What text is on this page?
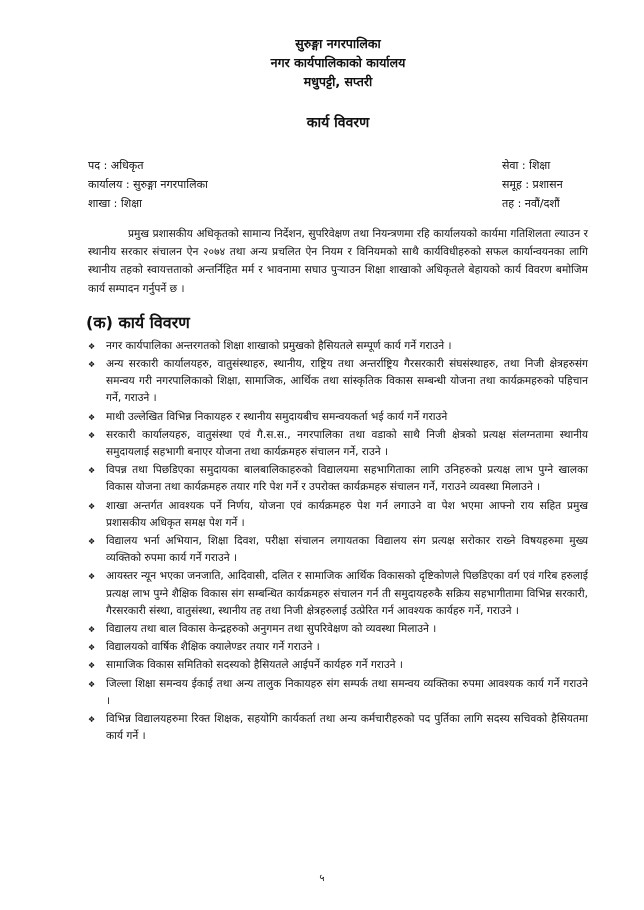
सुरुङ्गा नगरपालिका
नगर कार्यपालिकाको कार्यालय
मधुपट्टी, सप्तरी
कार्य विवरण
पद : अधिकृत	सेवा : शिक्षा
कार्यालय : सुरुङ्गा नगरपालिका	समूह : प्रशासन
शाखा : शिक्षा	तह : नवौं/दशौं
प्रमुख प्रशासकीय अधिकृतको सामान्य निर्देशन, सुपरिवेक्षण तथा नियन्त्रणमा रहि कार्यालयको कार्यमा गतिशिलता ल्याउन र स्थानीय सरकार संचालन ऐन २०७४ तथा अन्य प्रचलित ऐन नियम र विनियमको साथै कार्यविधीहरुको सफल कार्यान्वयनका लागि स्थानीय तहको स्वायत्तताको अन्तर्निहित मर्म र भावनामा सघाउ पुऱ्याउन शिक्षा शाखाको अधिकृतले बेहायको कार्य विवरण बमोजिम कार्य सम्पादन गर्नुपर्ने छ ।
(क) कार्य विवरण
❖ नगर कार्यपालिका अन्तरगतको शिक्षा शाखाको प्रमुखको हैसियतले सम्पूर्ण कार्य गर्ने गराउने ।
❖ अन्य सरकारी कार्यालयहरु, वातुसंस्थाहरु, स्थानीय, राष्ट्रिय तथा अन्तर्राष्ट्रिय गैरसरकारी संघसंस्थाहरु, तथा निजी क्षेत्रहरुसंग समन्वय गरी नगरपालिकाको शिक्षा, सामाजिक, आर्थिक तथा सांस्कृतिक विकास सम्बन्धी योजना तथा कार्यक्रमहरुको पहिचान गर्ने, गराउने ।
❖ माथी उल्लेखित विभिन्न निकायहरु र स्थानीय समुदायबीच समन्वयकर्ता भई कार्य गर्ने गराउने
❖ सरकारी कार्यालयहरु, वातुसंस्था एवं गै.स.स., नगरपालिका तथा वडाको साथै निजी क्षेत्रको प्रत्यक्ष संलग्नतामा स्थानीय समुदायलाई सहभागी बनाएर योजना तथा कार्यक्रमहरु संचालन गर्ने, राउने ।
❖ विपन्न तथा पिछडिएका समुदायका बालबालिकाहरुको विद्यालयमा सहभागिताका लागि उनिहरुको प्रत्यक्ष लाभ पुग्ने खालका विकास योजना तथा कार्यक्रमहरु तयार गरि पेश गर्ने र उपरोक्त कार्यक्रमहरु संचालन गर्ने, गराउने व्यवस्था मिलाउने ।
❖ शाखा अन्तर्गत आवश्यक पर्ने निर्णय, योजना एवं कार्यक्रमहरु पेश गर्न लगाउने वा पेश भएमा आफ्नो राय सहित प्रमुख प्रशासकीय अधिकृत समक्ष पेश गर्ने ।
❖ विद्यालय भर्ना अभियान, शिक्षा दिवश, परीक्षा संचालन लगायतका विद्यालय संग प्रत्यक्ष सरोकार राख्ने विषयहरुमा मुख्य व्यक्तिको रुपमा कार्य गर्ने गराउने ।
❖ आयस्तर न्यून भएका जनजाति, आदिवासी, दलित र सामाजिक आर्थिक विकासको दृष्टिकोणले पिछडिएका वर्ग एवं गरिब हरुलाई प्रत्यक्ष लाभ पुग्ने शैक्षिक विकास संग सम्बन्धित कार्यक्रमहरु संचालन गर्न ती समुदायहरुकै सक्रिय सहभागीतामा विभिन्न सरकारी, गैरसरकारी संस्था, वातुसंस्था, स्थानीय तह तथा निजी क्षेत्रहरुलाई उत्प्रेरित गर्न आवश्यक कार्यहरु गर्ने, गराउने ।
❖ विद्यालय तथा बाल विकास केन्द्रहरुको अनुगमन तथा सुपरिवेक्षण को व्यवस्था मिलाउने ।
❖ विद्यालयको वार्षिक शैक्षिक क्यालेण्डर तयार गर्ने गराउने ।
❖ सामाजिक विकास समितिको सदस्यको हैसियतले आईपर्ने कार्यहरु गर्ने गराउने ।
❖ जिल्ला शिक्षा समन्वय ईकाई तथा अन्य तालुक निकायहरु संग सम्पर्क तथा समन्वय व्यक्तिका रुपमा आवश्यक कार्य गर्ने गराउने ।
❖ विभिन्न विद्यालयहरुमा रिक्त शिक्षक, सहयोगि कार्यकर्ता तथा अन्य कर्मचारीहरुको पद पुर्तिका लागि सदस्य सचिवको हैसियतमा कार्य गर्ने ।
५
